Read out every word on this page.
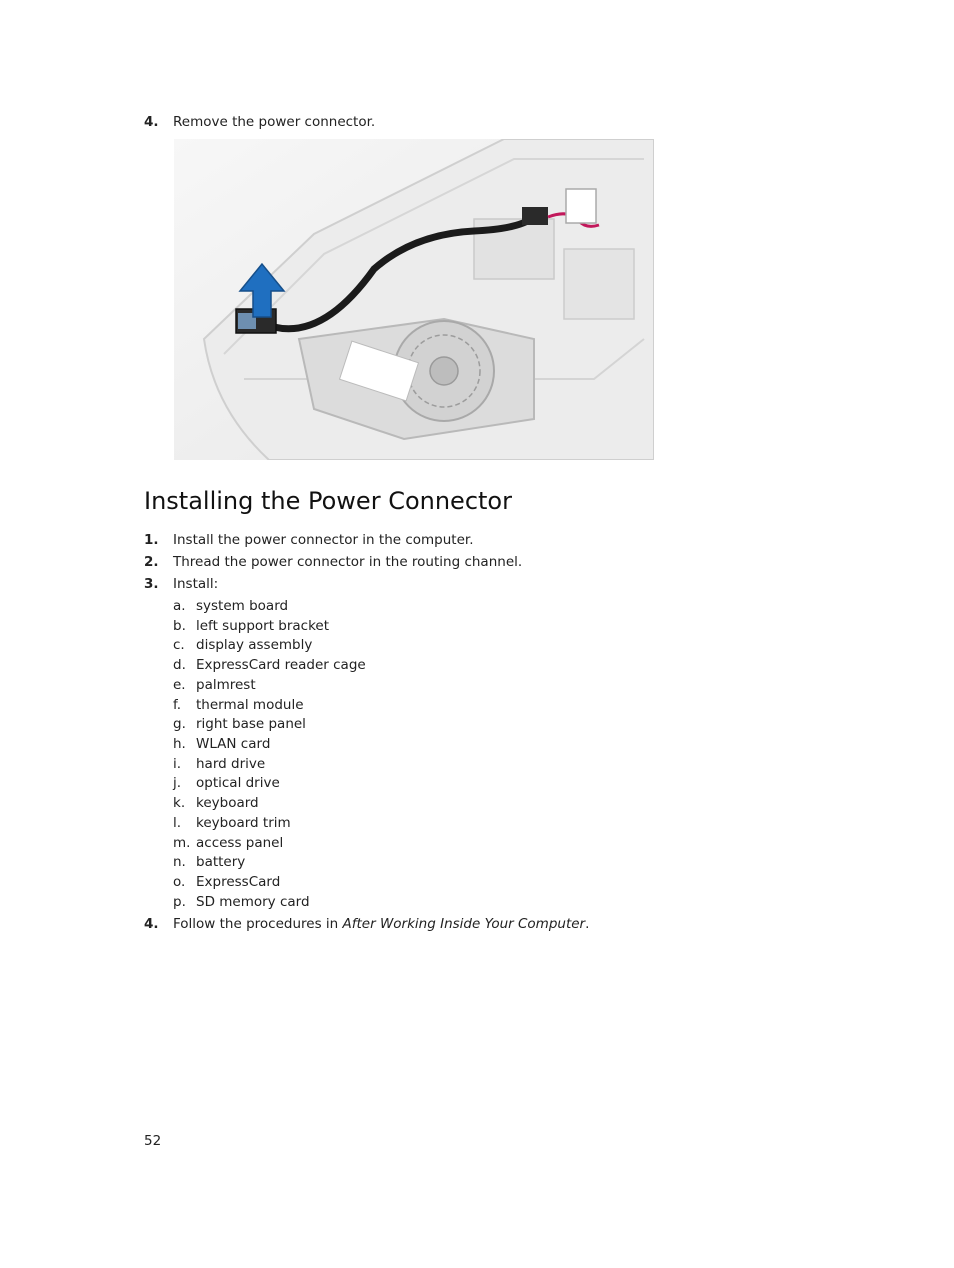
4.	Remove the power connector.
Installing the Power Connector
1.	Install the power connector in the computer.
2.	Thread the power connector in the routing channel.
3.	Install:
a. system board
b. left support bracket
c. display assembly
d. ExpressCard reader cage
e. palmrest
f.	thermal module
g. right base panel
h. WLAN card
i.	hard drive
j.	optical drive
k. keyboard
l.	keyboard trim
m. access panel
n. battery
o. ExpressCard
p. SD memory card
4.	Follow the procedures in After Working Inside Your Computer.
52
